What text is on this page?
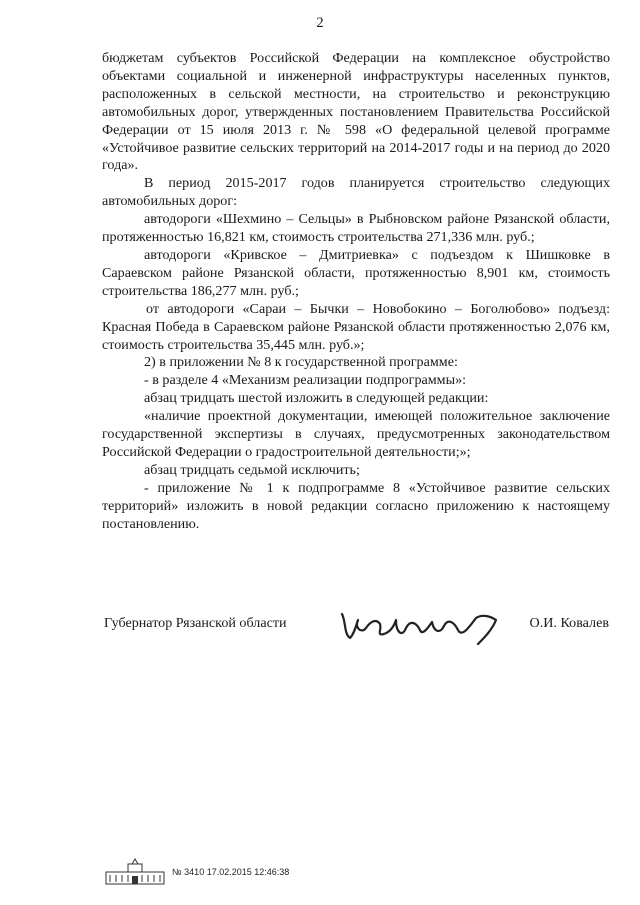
2

бюджетам субъектов Российской Федерации на комплексное обустройство объектами социальной и инженерной инфраструктуры населенных пунктов, расположенных в сельской местности, на строительство и реконструкцию автомобильных дорог, утвержденных постановлением Правительства Российской Федерации от 15 июля 2013 г. № 598 «О федеральной целевой программе «Устойчивое развитие сельских территорий на 2014-2017 годы и на период до 2020 года».

В период 2015-2017 годов планируется строительство следующих автомобильных дорог:

автодороги «Шехмино – Сельцы» в Рыбновском районе Рязанской области, протяженностью 16,821 км, стоимость строительства 271,336 млн. руб.;

автодороги «Кривское – Дмитриевка» с подъездом к Шишковке в Сараевском районе Рязанской области, протяженностью 8,901 км, стоимость строительства 186,277 млн. руб.;

от автодороги «Сараи – Бычки – Новобокино – Боголюбово» подъезд: Красная Победа в Сараевском районе Рязанской области протяженностью 2,076 км, стоимость строительства 35,445 млн. руб.»;

2) в приложении № 8 к государственной программе:

- в разделе 4 «Механизм реализации подпрограммы»:

абзац тридцать шестой изложить в следующей редакции:

«наличие проектной документации, имеющей положительное заключение государственной экспертизы в случаях, предусмотренных законодательством Российской Федерации о градостроительной деятельности;»;

абзац тридцать седьмой исключить;

- приложение № 1 к подпрограмме 8 «Устойчивое развитие сельских территорий» изложить в новой редакции согласно приложению к настоящему постановлению.

Губернатор Рязанской области	О.И. Ковалев
№ 3410 17.02.2015 12:46:38
